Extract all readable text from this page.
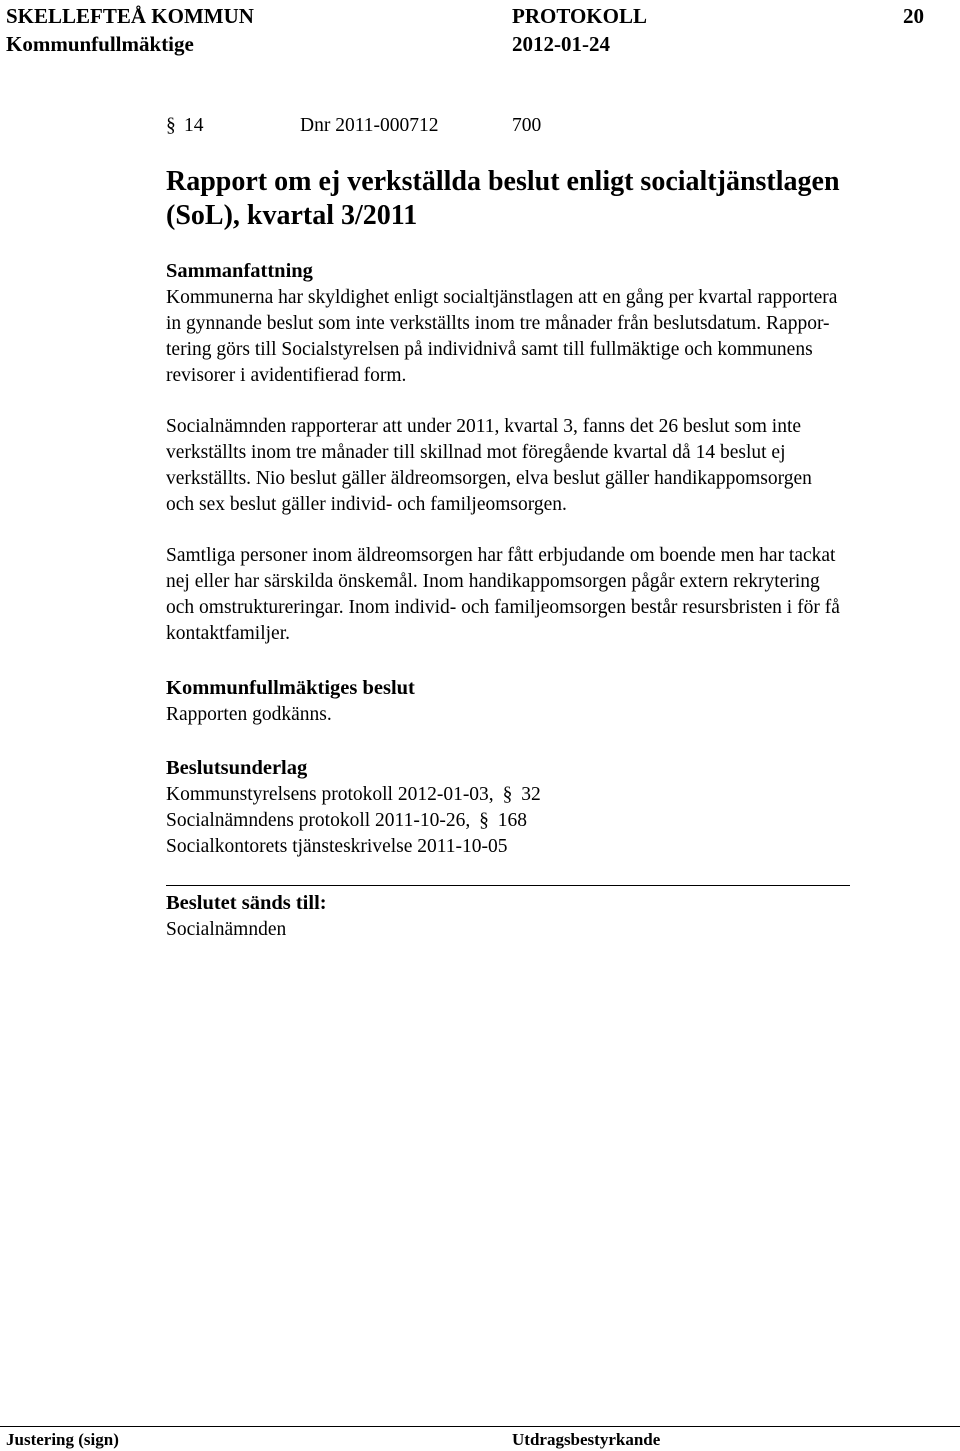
SKELLEFTEÅ KOMMUN	PROTOKOLL	20
Kommunfullmäktige	2012-01-24
§ 14	Dnr 2011-000712	700
Rapport om ej verkställda beslut enligt socialtjänstlagen
(SoL), kvartal 3/2011
Sammanfattning
Kommunerna har skyldighet enligt socialtjänstlagen att en gång per kvartal rapportera
in gynnande beslut som inte verkställts inom tre månader från beslutsdatum. Rappor-
tering görs till Socialstyrelsen på individnivå samt till fullmäktige och kommunens
revisorer i avidentifierad form.
Socialnämnden rapporterar att under 2011, kvartal 3, fanns det 26 beslut som inte
verkställts inom tre månader till skillnad mot föregående kvartal då 14 beslut ej
verkställts. Nio beslut gäller äldreomsorgen, elva beslut gäller handikappomsorgen
och sex beslut gäller individ- och familjeomsorgen.
Samtliga personer inom äldreomsorgen har fått erbjudande om boende men har tackat
nej eller har särskilda önskemål. Inom handikappomsorgen pågår extern rekrytering
och omstruktureringar. Inom individ- och familjeomsorgen består resursbristen i för få
kontaktfamiljer.
Kommunfullmäktiges beslut
Rapporten godkänns.
Beslutsunderlag
Kommunstyrelsens protokoll 2012-01-03, § 32
Socialnämndens protokoll 2011-10-26, § 168
Socialkontorets tjänsteskrivelse 2011-10-05
Beslutet sänds till:
Socialnämnden
Justering (sign)	Utdragsbestyrkande
